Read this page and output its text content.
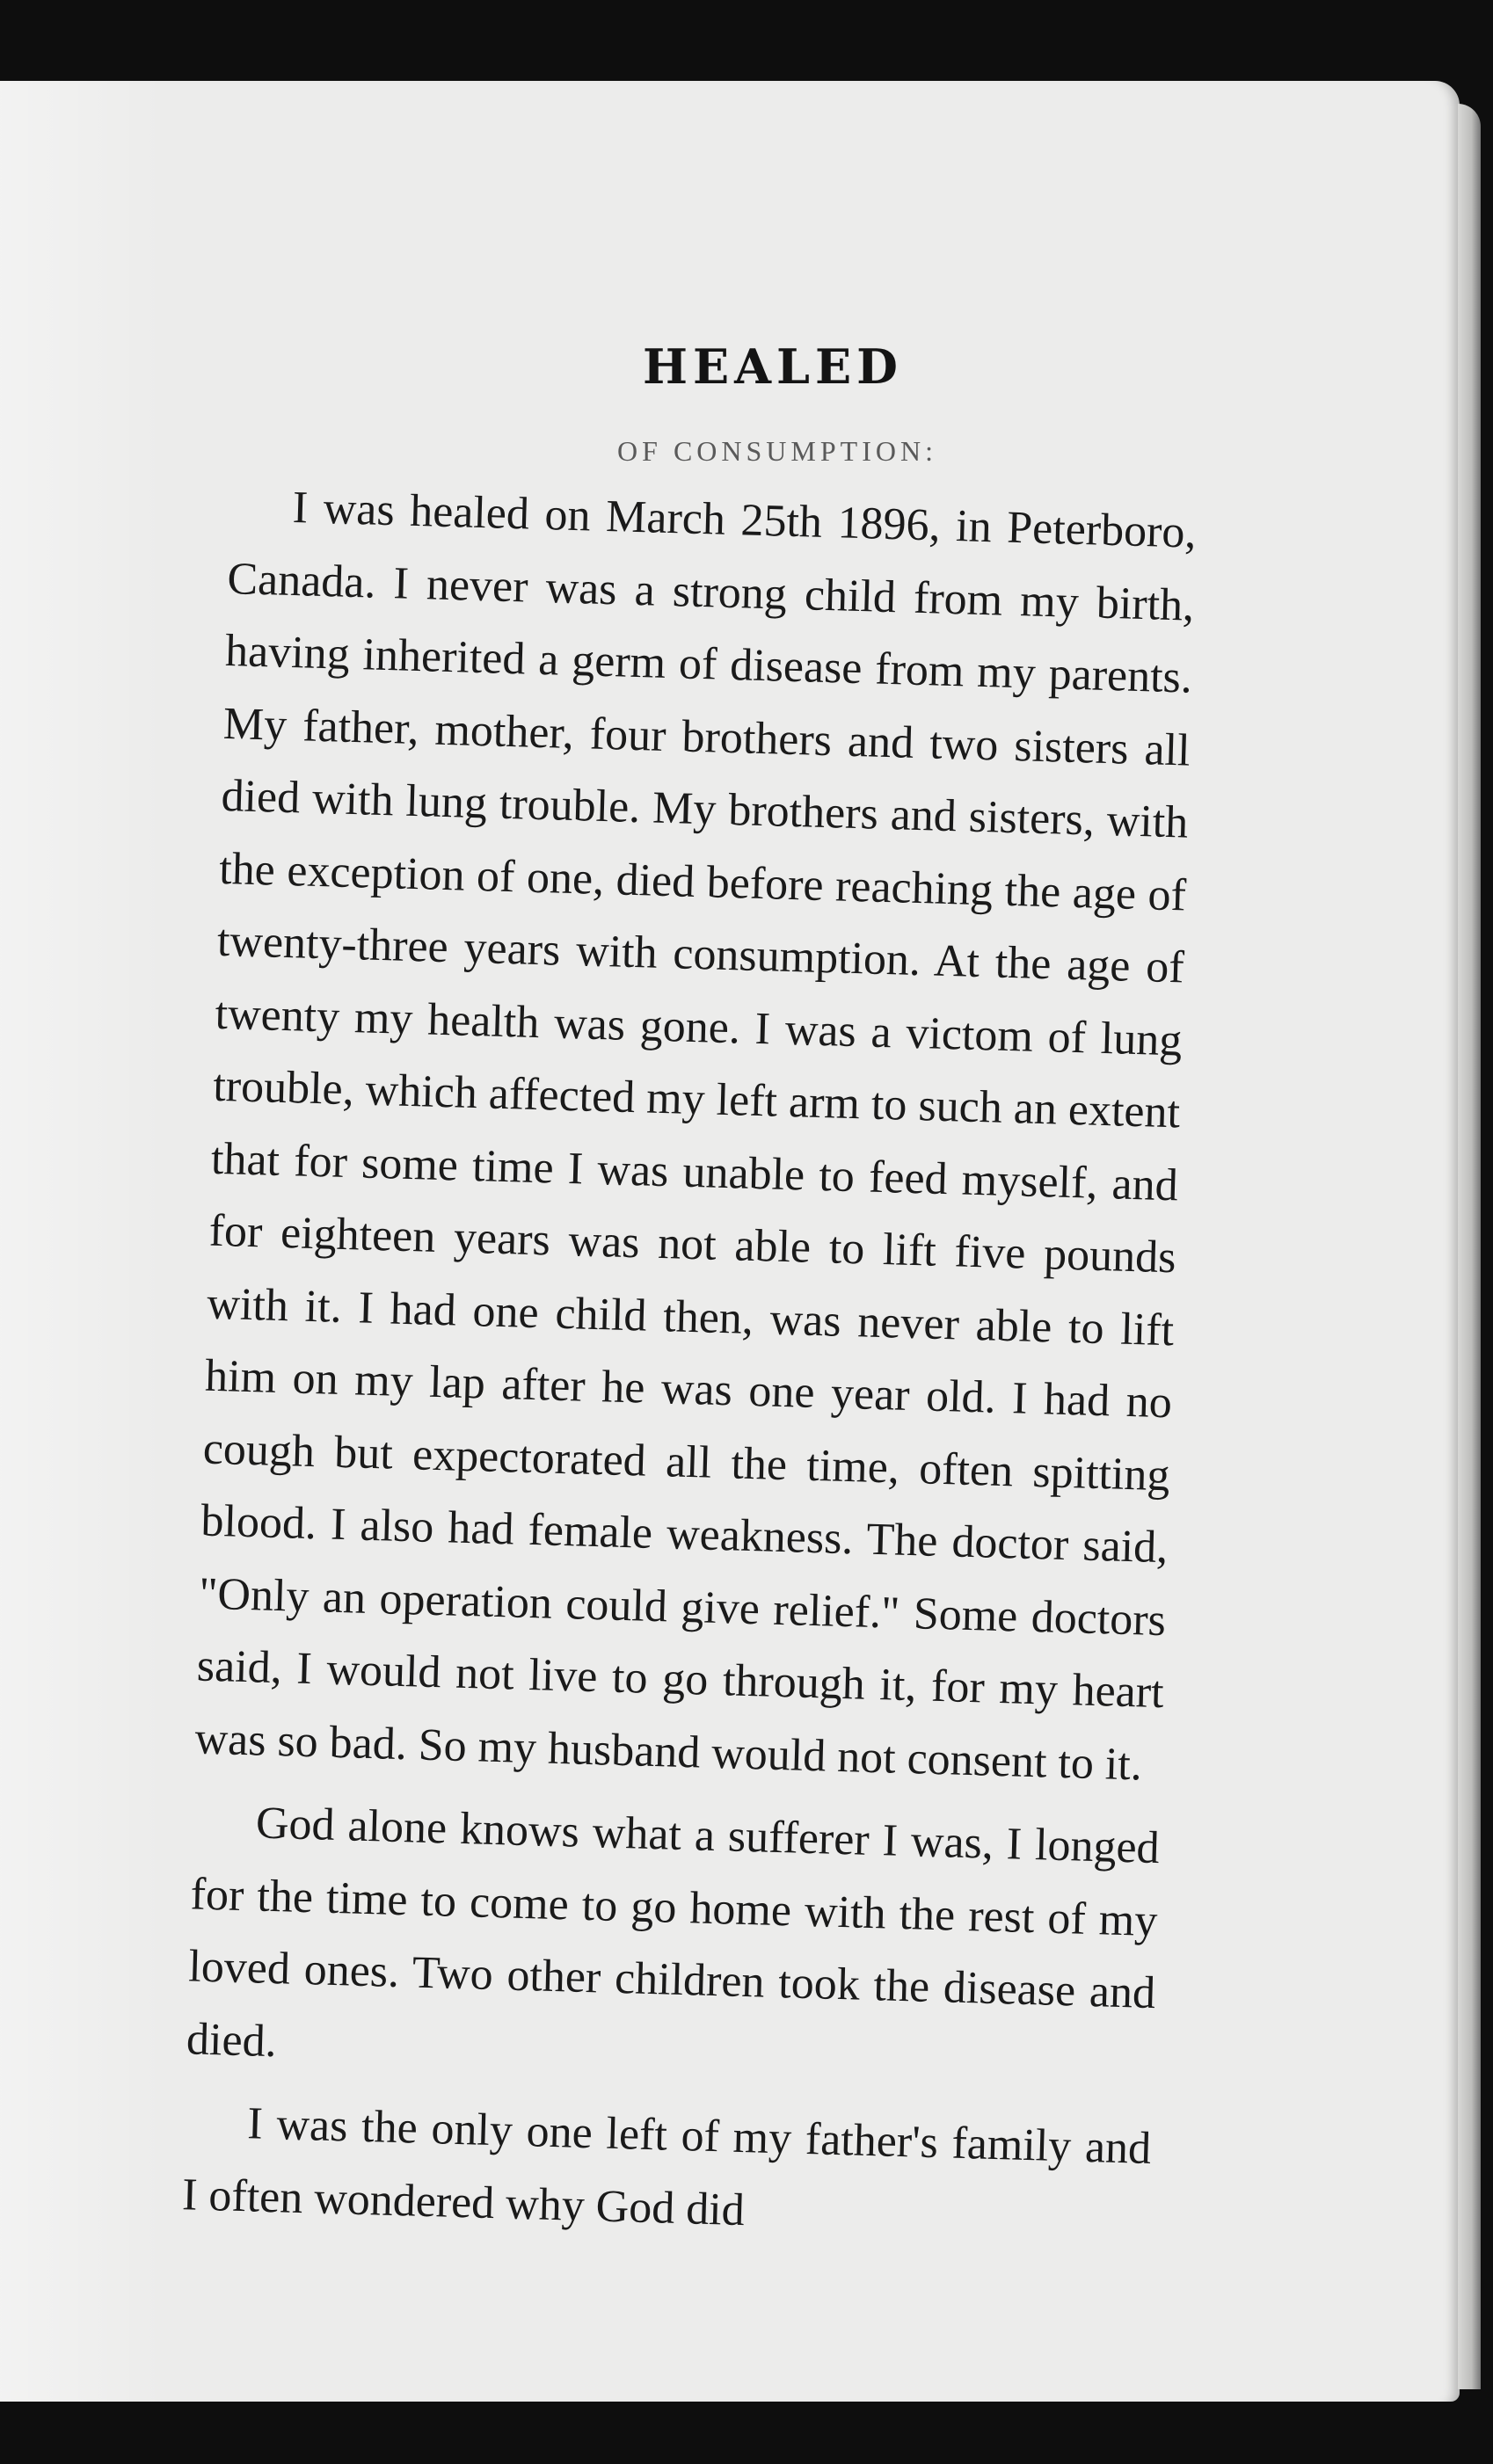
HEALED
OF CONSUMPTION:

I was healed on March 25th 1896, in Peterboro, Canada. I never was a strong child from my birth, having inherited a germ of disease from my parents. My father, mother, four brothers and two sisters all died with lung trouble. My brothers and sisters, with the exception of one, died before reaching the age of twenty-three years with consumption. At the age of twenty my health was gone. I was a victom of lung trouble, which affected my left arm to such an extent that for some time I was unable to feed myself, and for eighteen years was not able to lift five pounds with it. I had one child then, was never able to lift him on my lap after he was one year old. I had no cough but expectorated all the time, often spitting blood. I also had female weakness. The doctor said, "Only an operation could give relief." Some doctors said, I would not live to go through it, for my heart was so bad. So my husband would not consent to it.

God alone knows what a sufferer I was, I longed for the time to come to go home with the rest of my loved ones. Two other children took the disease and died.

I was the only one left of my father's family and I often wondered why God did
